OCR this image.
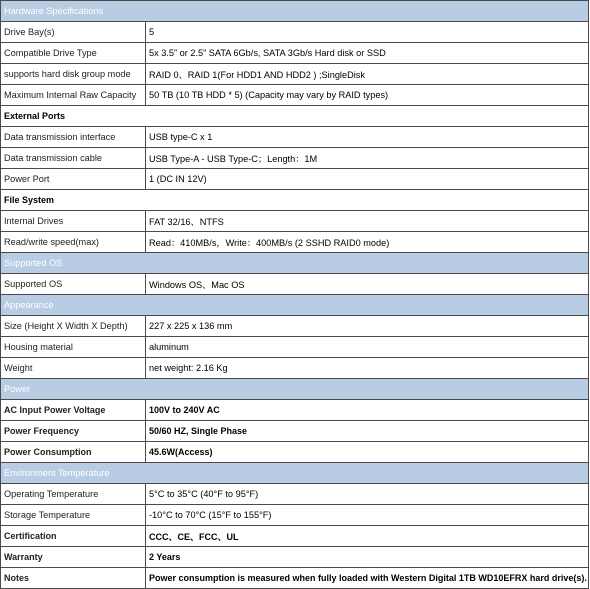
Hardware Specifications	
Drive Bay(s)	5
Compatible Drive Type	5x 3.5” or 2.5” SATA 6Gb/s, SATA 3Gb/s Hard disk or SSD
supports hard disk group mode	RAID 0、RAID 1(For HDD1 AND HDD2 ) ;SingleDisk
Maximum Internal Raw Capacity	50 TB (10 TB HDD * 5) (Capacity may vary by RAID types)
External Ports	
Data transmission interface	USB type-C x 1
Data transmission cable	USB Type-A - USB Type-C；Length：1M
Power Port	1 (DC IN 12V)
File System	
Internal Drives	FAT 32/16、NTFS
Read/write speed(max)	Read：410MB/s，Write：400MB/s (2 SSHD RAID0 mode)
Supported OS	
Supported OS	Windows OS、Mac OS
Appearance	
Size (Height X Width X Depth)	227 x 225 x 136 mm
Housing material	aluminum
Weight	net weight: 2.16 Kg
Power	
AC Input Power Voltage	100V to 240V AC
Power Frequency	50/60 HZ, Single Phase
Power Consumption	45.6W(Access)
Environment Temperature	
Operating Temperature	5°C to 35°C (40°F to 95°F)
Storage Temperature	-10°C to 70°C (15°F to 155°F)
Certification	CCC、CE、FCC、UL
Warranty	2 Years
Notes	Power consumption is measured when fully loaded with Western Digital 1TB WD10EFRX hard drive(s).
